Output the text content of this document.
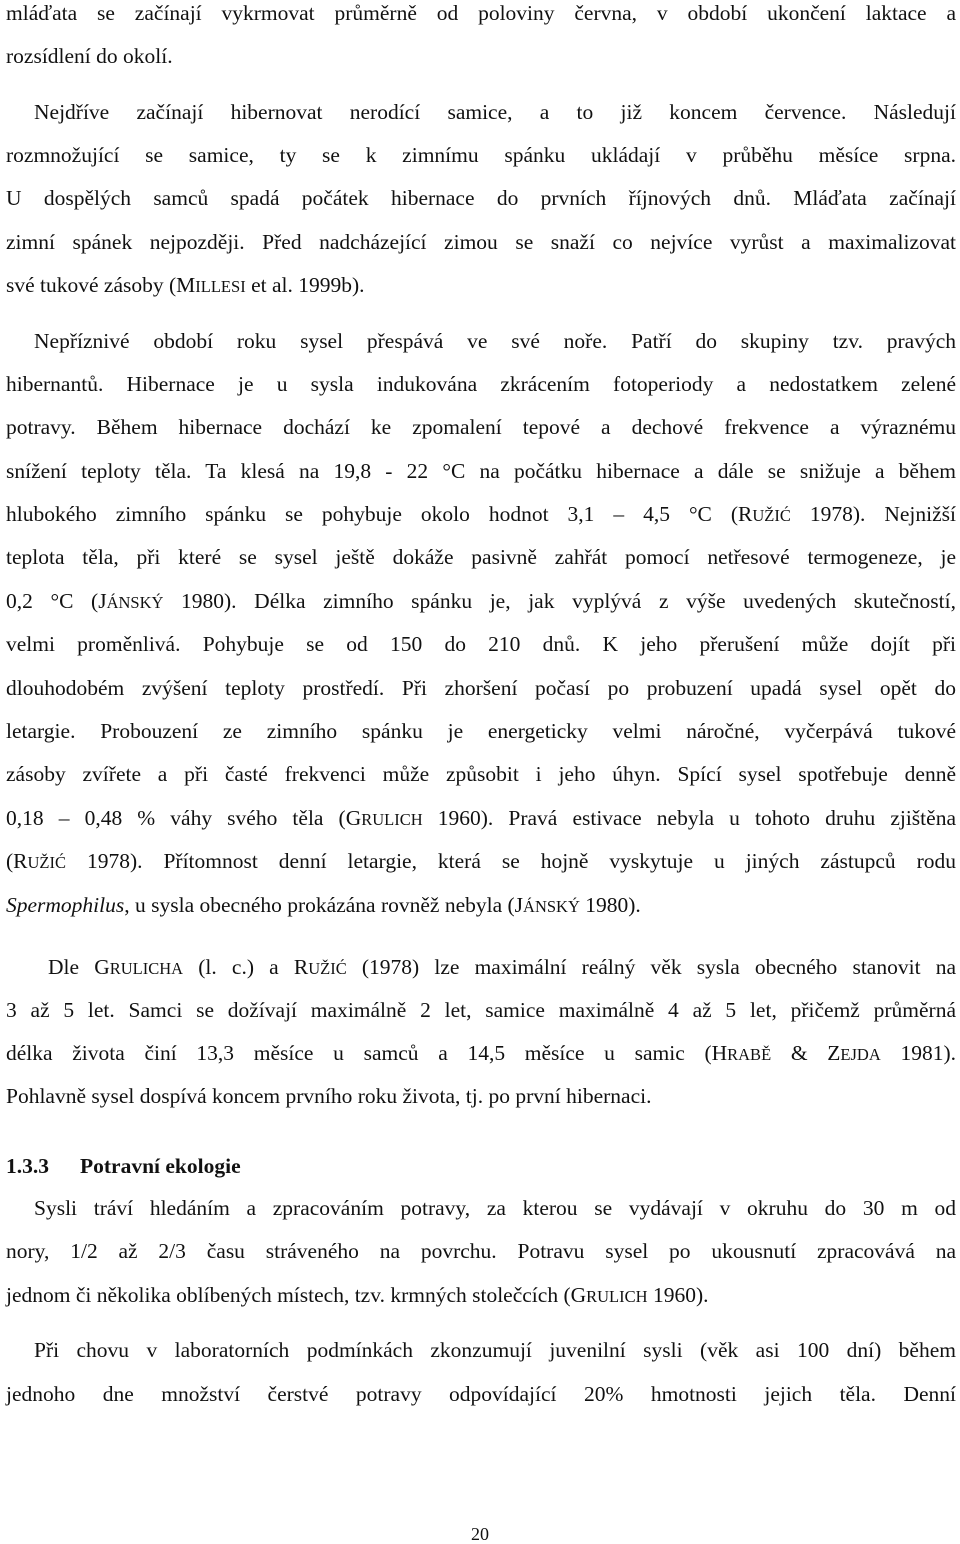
mláďata se začínají vykrmovat průměrně od poloviny června, v období ukončení laktace a
rozsídlení do okolí.
Nejdříve začínají hibernovat nerodící samice, a to již koncem července. Následují
rozmnožující se samice, ty se k zimnímu spánku ukládají v průběhu měsíce srpna.
U dospělých samců spadá počátek hibernace do prvních říjnových dnů. Mláďata začínají
zimní spánek nejpozději. Před nadcházející zimou se snaží co nejvíce vyrůst a maximalizovat
své tukové zásoby (MILLESI et al. 1999b).
Nepříznivé období roku sysel přespává ve své noře. Patří do skupiny tzv. pravých
hibernantů. Hibernace je u sysla indukována zkrácením fotoperiody a nedostatkem zelené
potravy. Během hibernace dochází ke zpomalení tepové a dechové frekvence a výraznému
snížení teploty těla. Ta klesá na 19,8 - 22 °C na počátku hibernace a dále se snižuje a během
hlubokého zimního spánku se pohybuje okolo hodnot 3,1 – 4,5 °C (RUŽIĆ 1978). Nejnižší
teplota těla, při které se sysel ještě dokáže pasivně zahřát pomocí netřesové termogeneze, je
0,2 °C (JÁNSKÝ 1980). Délka zimního spánku je, jak vyplývá z výše uvedených skutečností,
velmi proměnlivá. Pohybuje se od 150 do 210 dnů. K jeho přerušení může dojít při
dlouhodobém zvýšení teploty prostředí. Při zhoršení počasí po probuzení upadá sysel opět do
letargie. Probouzení ze zimního spánku je energeticky velmi náročné, vyčerpává tukové
zásoby zvířete a při časté frekvenci může způsobit i jeho úhyn. Spící sysel spotřebuje denně
0,18 – 0,48 % váhy svého těla (GRULICH 1960). Pravá estivace nebyla u tohoto druhu zjištěna
(RUŽIĆ 1978). Přítomnost denní letargie, která se hojně vyskytuje u jiných zástupců rodu
Spermophilus, u sysla obecného prokázána rovněž nebyla (JÁNSKÝ 1980).
Dle GRULICHA (l. c.) a RUŽIĆ (1978) lze maximální reálný věk sysla obecného stanovit na
3 až 5 let. Samci se dožívají maximálně 2 let, samice maximálně 4 až 5 let, přičemž průměrná
délka života činí 13,3 měsíce u samců a 14,5 měsíce u samic (HRABĚ & ZEJDA 1981).
Pohlavně sysel dospívá koncem prvního roku života, tj. po první hibernaci.
1.3.3 Potravní ekologie
Sysli tráví hledáním a zpracováním potravy, za kterou se vydávají v okruhu do 30 m od
nory, 1/2 až 2/3 času stráveného na povrchu. Potravu sysel po ukousnutí zpracovává na
jednom či několika oblíbených místech, tzv. krmných stolečcích (GRULICH 1960).
Při chovu v laboratorních podmínkách zkonzumují juvenilní sysli (věk asi 100 dní) během
jednoho dne množství čerstvé potravy odpovídající 20% hmotnosti jejich těla. Denní
20
